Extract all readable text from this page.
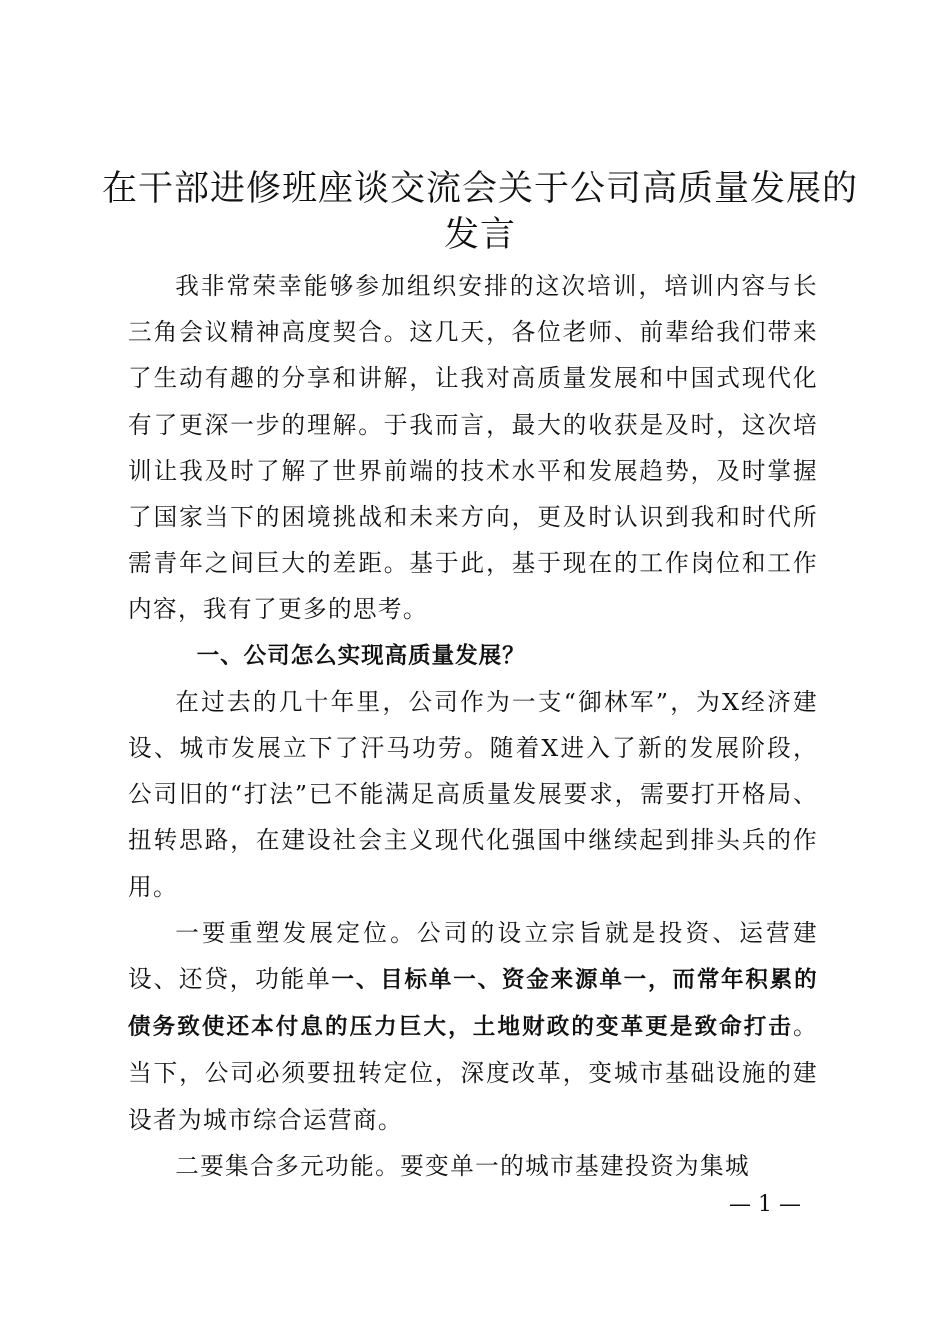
在干部进修班座谈交流会关于公司高质量发展的发言

我非常荣幸能够参加组织安排的这次培训，培训内容与长三角会议精神高度契合。这几天，各位老师、前辈给我们带来了生动有趣的分享和讲解，让我对高质量发展和中国式现代化有了更深一步的理解。于我而言，最大的收获是及时，这次培训让我及时了解了世界前端的技术水平和发展趋势，及时掌握了国家当下的困境挑战和未来方向，更及时认识到我和时代所需青年之间巨大的差距。基于此，基于现在的工作岗位和工作内容，我有了更多的思考。

一、公司怎么实现高质量发展？

在过去的几十年里，公司作为一支“御林军”，为X经济建设、城市发展立下了汗马功劳。随着X进入了新的发展阶段，公司旧的“打法”已不能满足高质量发展要求，需要打开格局、扭转思路，在建设社会主义现代化强国中继续起到排头兵的作用。

一要重塑发展定位。公司的设立宗旨就是投资、运营建设、还贷，功能单一、目标单一、资金来源单一，而常年积累的债务致使还本付息的压力巨大，土地财政的变革更是致命打击。当下，公司必须要扭转定位，深度改革，变城市基础设施的建设者为城市综合运营商。

二要集合多元功能。要变单一的城市基建投资为集城

— 1 —
